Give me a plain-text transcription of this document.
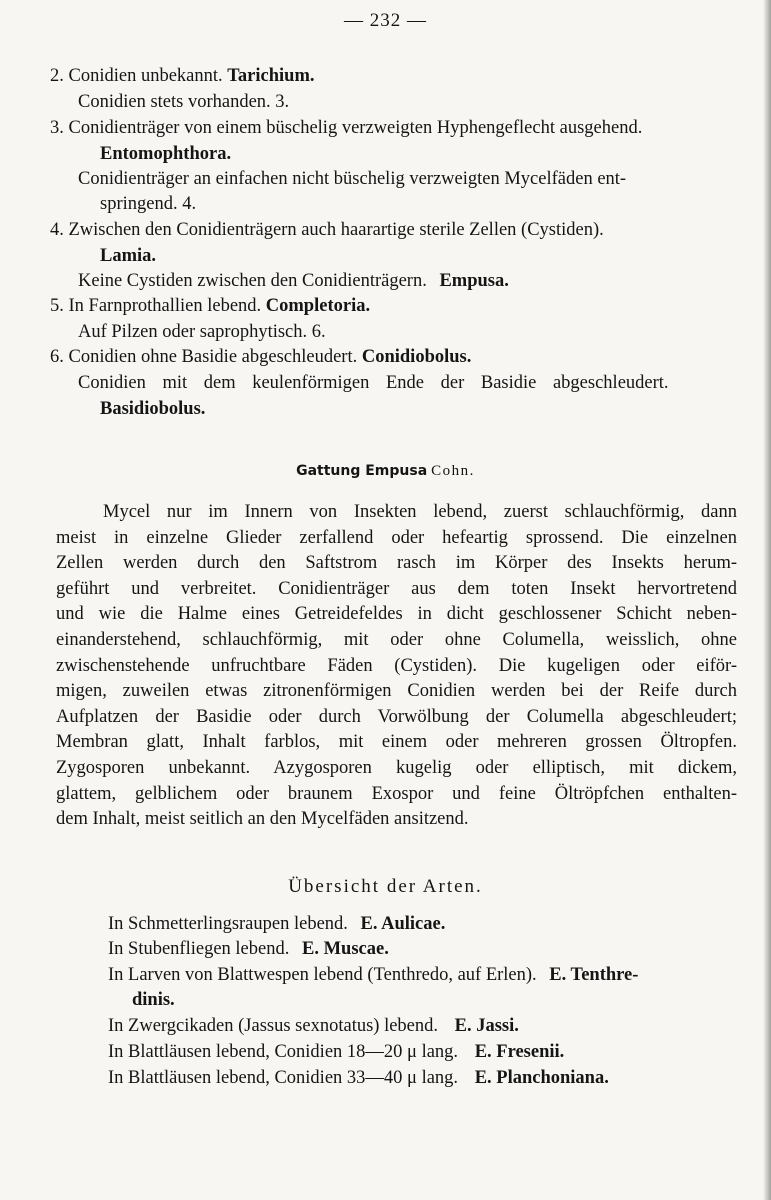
— 232 —
2. Conidien unbekannt. Tarichium.
Conidien stets vorhanden. 3.
3. Conidienträger von einem büschelig verzweigten Hyphengeflecht ausgehend.
Entomophthora.
Conidienträger an einfachen nicht büschelig verzweigten Mycelfäden ent-
springend. 4.
4. Zwischen den Conidienträgern auch haarartige sterile Zellen (Cystiden).
Lamia.
Keine Cystiden zwischen den Conidienträgern. Empusa.
5. In Farnprothallien lebend. Completoria.
Auf Pilzen oder saprophytisch. 6.
6. Conidien ohne Basidie abgeschleudert. Conidiobolus.
Conidien mit dem keulenförmigen Ende der Basidie abgeschleudert.
Basidiobolus.
Gattung Empusa Cohn.
Mycel nur im Innern von Insekten lebend, zuerst schlauchförmig, dann
meist in einzelne Glieder zerfallend oder hefeartig sprossend. Die einzelnen
Zellen werden durch den Saftstrom rasch im Körper des Insekts herum-
geführt und verbreitet. Conidienträger aus dem toten Insekt hervortretend
und wie die Halme eines Getreidefeldes in dicht geschlossener Schicht neben-
einanderstehend, schlauchförmig, mit oder ohne Columella, weisslich, ohne
zwischenstehende unfruchtbare Fäden (Cystiden). Die kugeligen oder eiför-
migen, zuweilen etwas zitronenförmigen Conidien werden bei der Reife durch
Aufplatzen der Basidie oder durch Vorwölbung der Columella abgeschleudert;
Membran glatt, Inhalt farblos, mit einem oder mehreren grossen Öltropfen.
Zygosporen unbekannt. Azygosporen kugelig oder elliptisch, mit dickem,
glattem, gelblichem oder braunem Exospor und feine Öltröpfchen enthalten-
dem Inhalt, meist seitlich an den Mycelfäden ansitzend.
Übersicht der Arten.
In Schmetterlingsraupen lebend. E. Aulicae.
In Stubenfliegen lebend. E. Muscae.
In Larven von Blattwespen lebend (Tenthredo, auf Erlen). E. Tenthre-
dinis.
In Zwergcikaden (Jassus sexnotatus) lebend. E. Jassi.
In Blattläusen lebend, Conidien 18—20 μ lang. E. Fresenii.
In Blattläusen lebend, Conidien 33—40 μ lang. E. Planchoniana.
